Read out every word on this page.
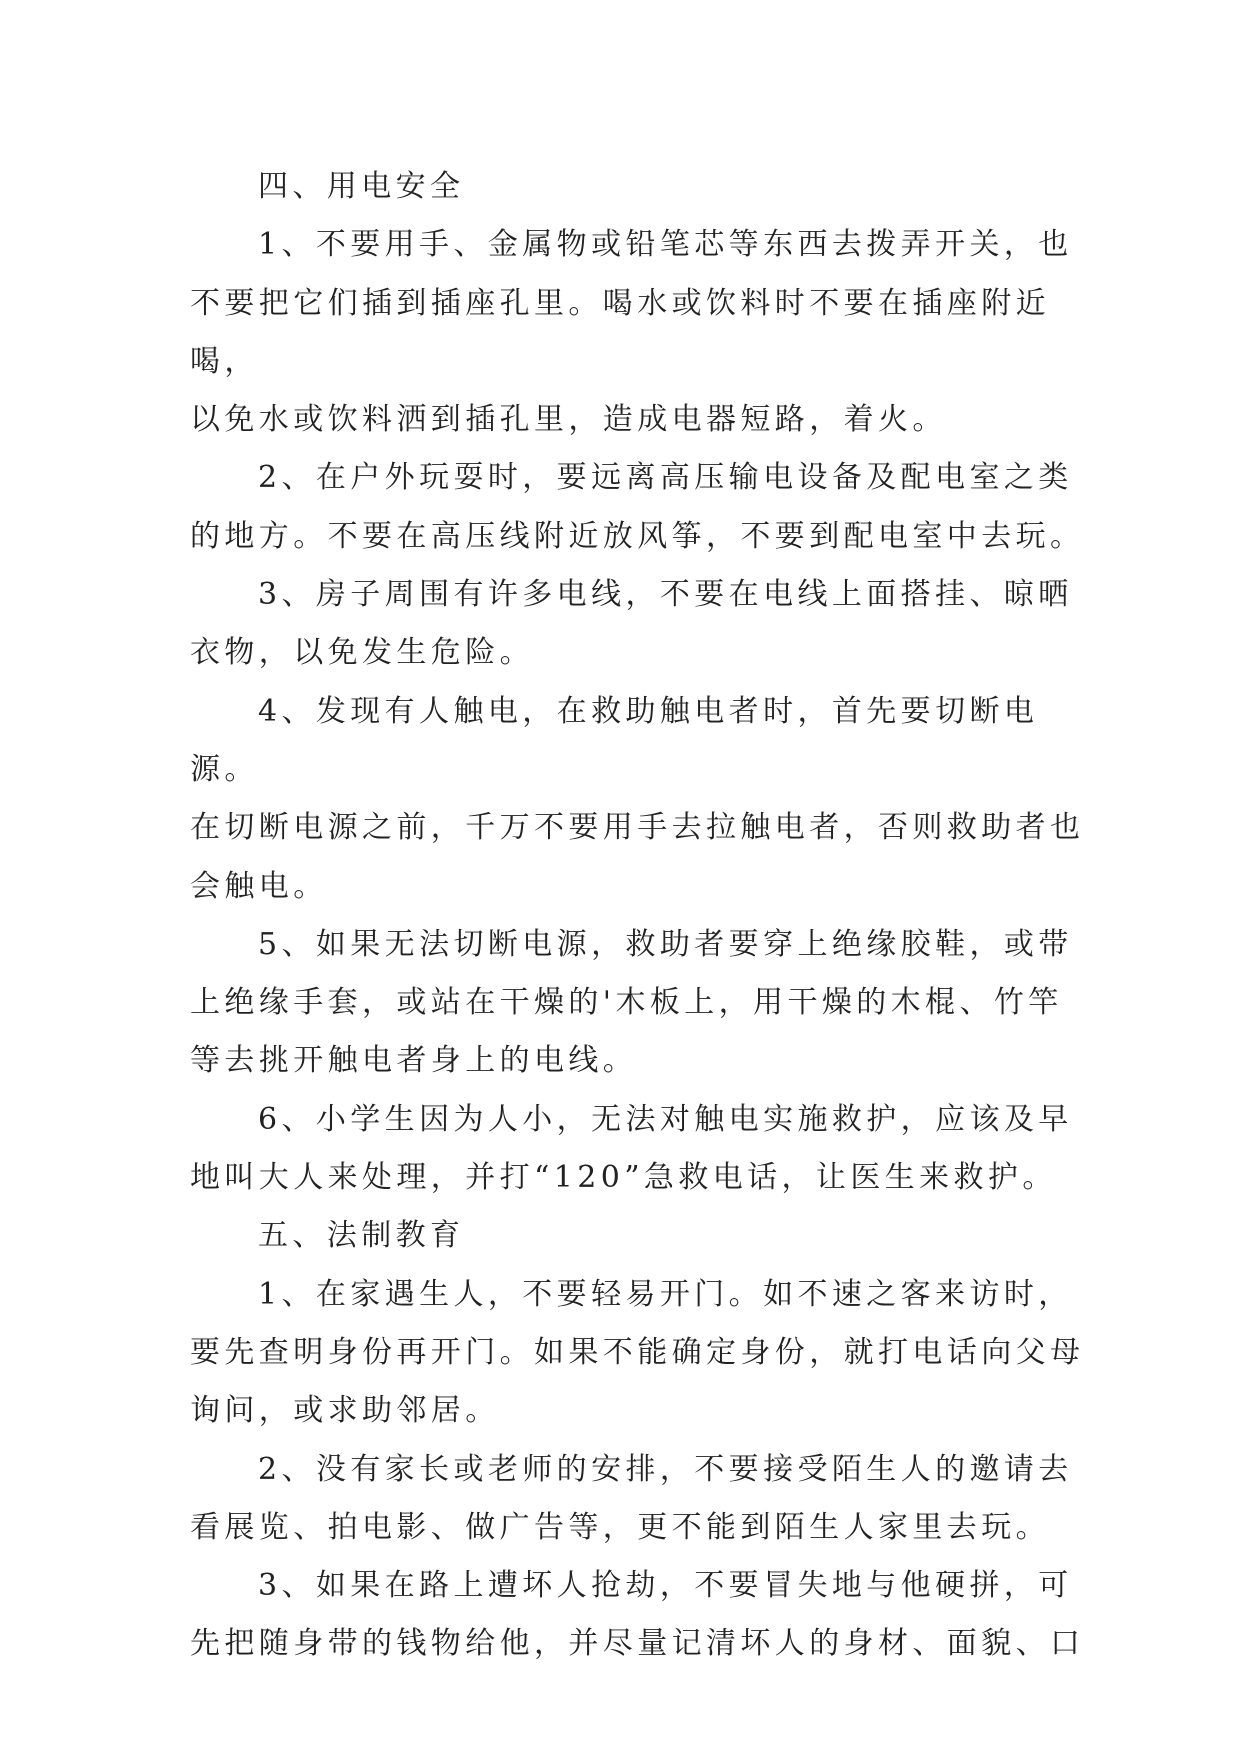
四、用电安全

1、不要用手、金属物或铅笔芯等东西去拨弄开关，也
不要把它们插到插座孔里。喝水或饮料时不要在插座附近喝，
以免水或饮料洒到插孔里，造成电器短路，着火。

2、在户外玩耍时，要远离高压输电设备及配电室之类
的地方。不要在高压线附近放风筝，不要到配电室中去玩。

3、房子周围有许多电线，不要在电线上面搭挂、晾晒
衣物，以免发生危险。

4、发现有人触电，在救助触电者时，首先要切断电源。
在切断电源之前，千万不要用手去拉触电者，否则救助者也
会触电。

5、如果无法切断电源，救助者要穿上绝缘胶鞋，或带
上绝缘手套，或站在干燥的'木板上，用干燥的木棍、竹竿
等去挑开触电者身上的电线。

6、小学生因为人小，无法对触电实施救护，应该及早
地叫大人来处理，并打“120”急救电话，让医生来救护。

五、法制教育

1、在家遇生人，不要轻易开门。如不速之客来访时，
要先查明身份再开门。如果不能确定身份，就打电话向父母
询问，或求助邻居。

2、没有家长或老师的安排，不要接受陌生人的邀请去
看展览、拍电影、做广告等，更不能到陌生人家里去玩。

3、如果在路上遭坏人抢劫，不要冒失地与他硬拼，可
先把随身带的钱物给他，并尽量记清坏人的身材、面貌、口
